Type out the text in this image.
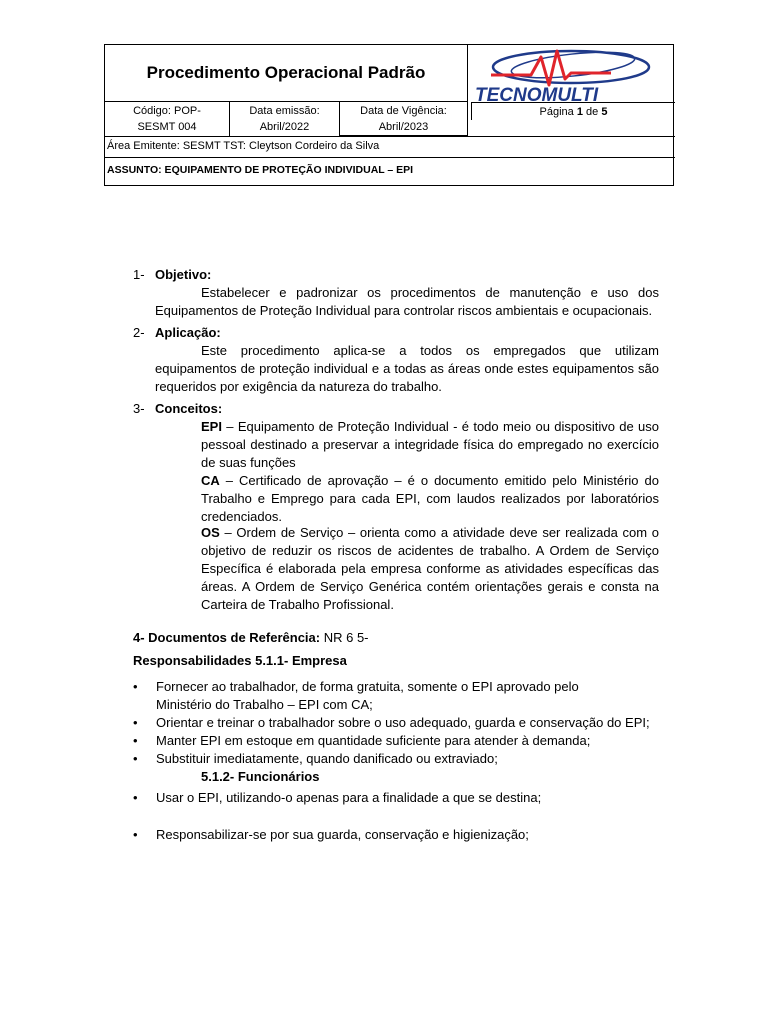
Procedimento Operacional Padrão
TECNOMULTI
Código: POP-
SESMT 004
Data emissão:
Abril/2022
Data de Vigência:
Abril/2023
Página 1 de 5
Área Emitente: SESMT TST: Cleytson Cordeiro da Silva
ASSUNTO: EQUIPAMENTO DE PROTEÇÃO INDIVIDUAL – EPI
1- Objetivo:
Estabelecer e padronizar os procedimentos de manutenção e uso dos Equipamentos de Proteção Individual para controlar riscos ambientais e ocupacionais.
2- Aplicação:
Este procedimento aplica-se a todos os empregados que utilizam equipamentos de proteção individual e a todas as áreas onde estes equipamentos são requeridos por exigência da natureza do trabalho.
3- Conceitos:
EPI – Equipamento de Proteção Individual - é todo meio ou dispositivo de uso pessoal destinado a preservar a integridade física do empregado no exercício de suas funções
CA – Certificado de aprovação – é o documento emitido pelo Ministério do Trabalho e Emprego para cada EPI, com laudos realizados por laboratórios credenciados.
OS – Ordem de Serviço – orienta como a atividade deve ser realizada com o objetivo de reduzir os riscos de acidentes de trabalho. A Ordem de Serviço Específica é elaborada pela empresa conforme as atividades específicas das áreas. A Ordem de Serviço Genérica contém orientações gerais e consta na Carteira de Trabalho Profissional.
4- Documentos de Referência: NR 6 5-
Responsabilidades 5.1.1- Empresa
• Fornecer ao trabalhador, de forma gratuita, somente o EPI aprovado pelo
Ministério do Trabalho – EPI com CA;
• Orientar e treinar o trabalhador sobre o uso adequado, guarda e conservação do EPI;
• Manter EPI em estoque em quantidade suficiente para atender à demanda;
• Substituir imediatamente, quando danificado ou extraviado;
5.1.2- Funcionários
• Usar o EPI, utilizando-o apenas para a finalidade a que se destina;
• Responsabilizar-se por sua guarda, conservação e higienização;
